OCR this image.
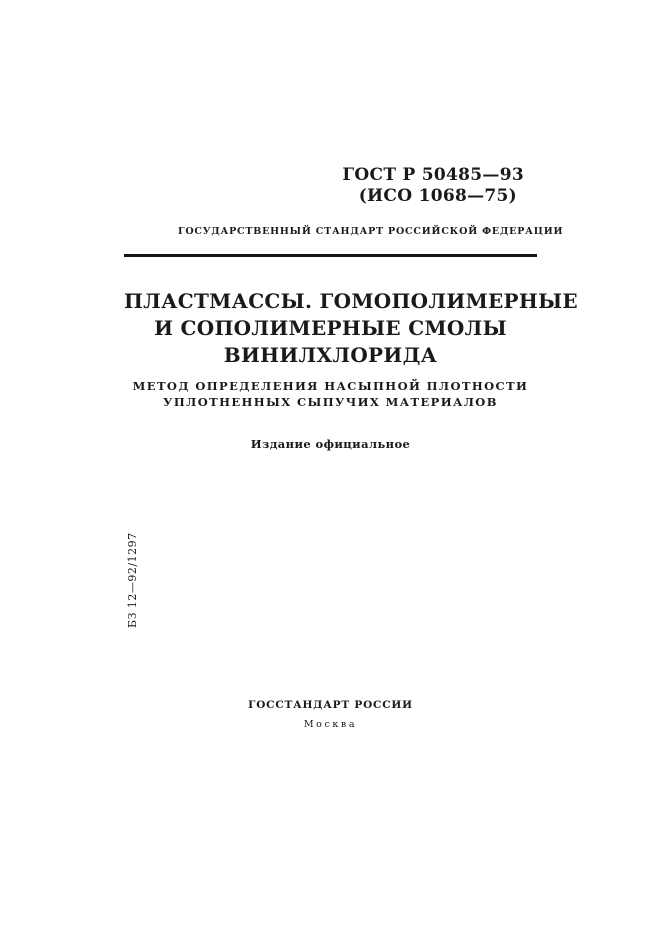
ГОСТ Р 50485—93
(ИСО 1068—75)
ГОСУДАРСТВЕННЫЙ СТАНДАРТ РОССИЙСКОЙ ФЕДЕРАЦИИ
ПЛАСТМАССЫ. ГОМОПОЛИМЕРНЫЕ
И СОПОЛИМЕРНЫЕ СМОЛЫ
ВИНИЛХЛОРИДА
МЕТОД ОПРЕДЕЛЕНИЯ НАСЫПНОЙ ПЛОТНОСТИ
УПЛОТНЕННЫХ СЫПУЧИХ МАТЕРИАЛОВ
Издание официальное
БЗ 12—92/1297
ГОССТАНДАРТ РОССИИ
Москва
